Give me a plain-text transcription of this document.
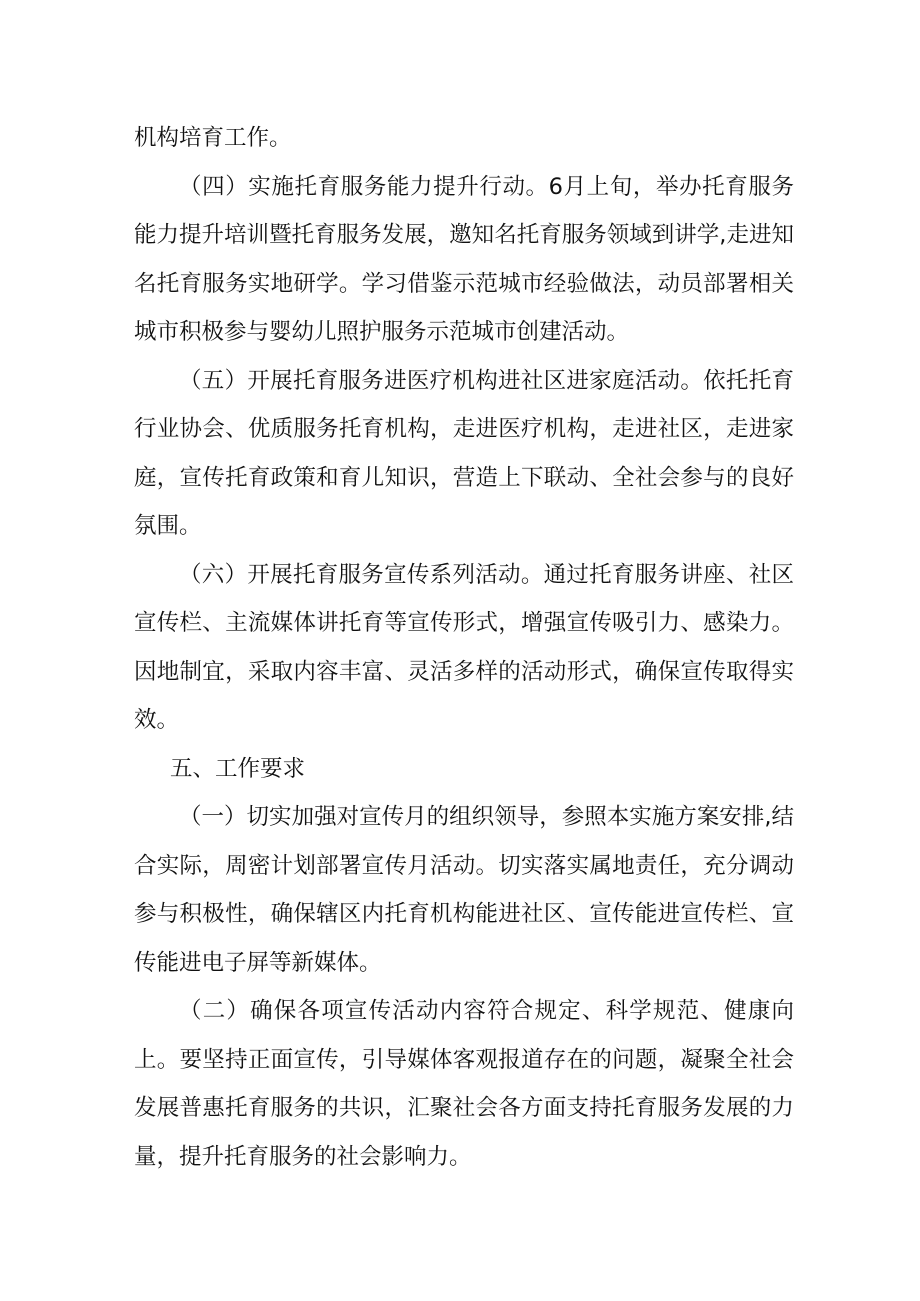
机构培育工作。

（四）实施托育服务能力提升行动。6月上旬，举办托育服务能力提升培训暨托育服务发展，邀知名托育服务领域到讲学,走进知名托育服务实地研学。学习借鉴示范城市经验做法，动员部署相关城市积极参与婴幼儿照护服务示范城市创建活动。

（五）开展托育服务进医疗机构进社区进家庭活动。依托托育行业协会、优质服务托育机构，走进医疗机构，走进社区，走进家庭，宣传托育政策和育儿知识，营造上下联动、全社会参与的良好氛围。

（六）开展托育服务宣传系列活动。通过托育服务讲座、社区宣传栏、主流媒体讲托育等宣传形式，增强宣传吸引力、感染力。因地制宜，采取内容丰富、灵活多样的活动形式，确保宣传取得实效。

五、工作要求

（一）切实加强对宣传月的组织领导，参照本实施方案安排,结合实际，周密计划部署宣传月活动。切实落实属地责任，充分调动参与积极性，确保辖区内托育机构能进社区、宣传能进宣传栏、宣传能进电子屏等新媒体。

（二）确保各项宣传活动内容符合规定、科学规范、健康向上。要坚持正面宣传，引导媒体客观报道存在的问题，凝聚全社会发展普惠托育服务的共识，汇聚社会各方面支持托育服务发展的力量，提升托育服务的社会影响力。
